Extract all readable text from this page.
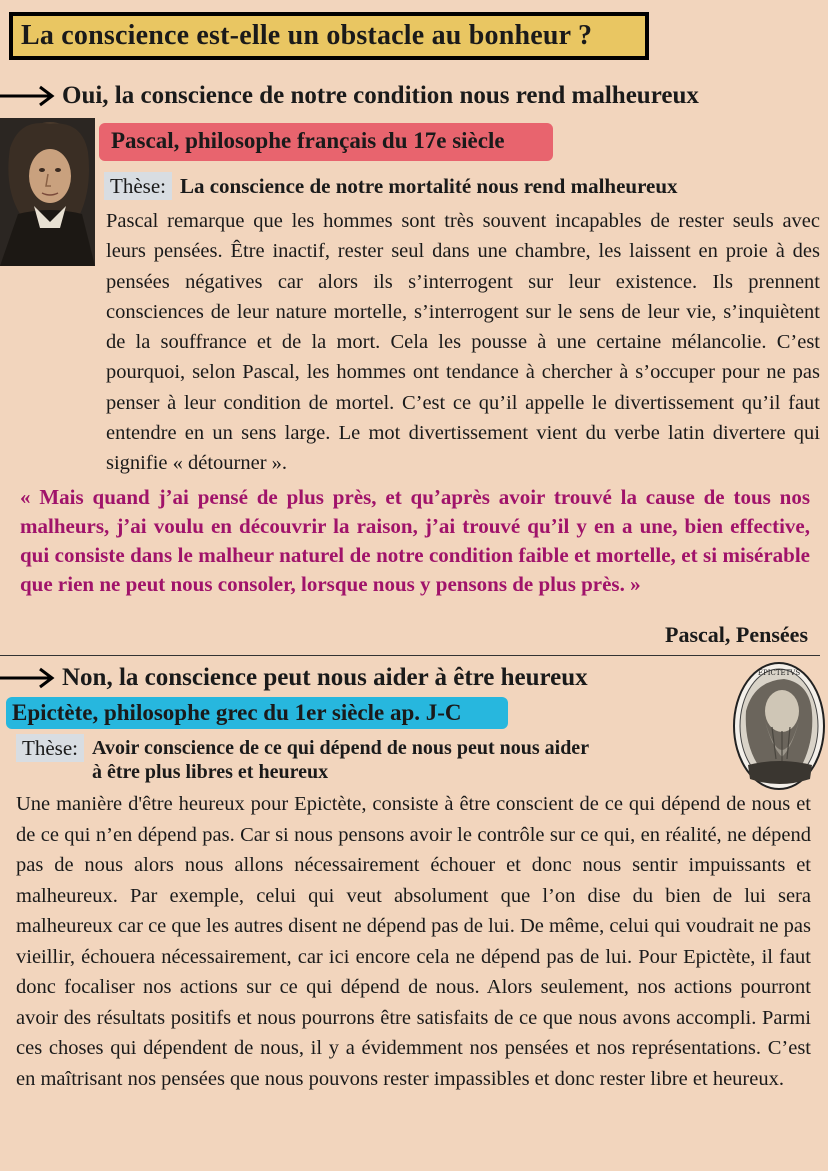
La conscience est-elle un obstacle au bonheur ?
Oui, la conscience de notre condition nous rend malheureux
Pascal, philosophe français du 17e siècle
Thèse: La conscience de notre mortalité nous rend malheureux
Pascal remarque que les hommes sont très souvent incapables de rester seuls avec leurs pensées. Être inactif, rester seul dans une chambre, les laissent en proie à des pensées négatives car alors ils s’interrogent sur leur existence. Ils prennent consciences de leur nature mortelle, s’interrogent sur le sens de leur vie, s’inquiètent de la souffrance et de la mort. Cela les pousse à une certaine mélancolie. C’est pourquoi, selon Pascal, les hommes ont tendance à chercher à s’occuper pour ne pas penser à leur condition de mortel. C’est ce qu’il appelle le divertissement qu’il faut entendre en un sens large. Le mot divertissement vient du verbe latin divertere qui signifie « détourner ».
« Mais quand j’ai pensé de plus près, et qu’après avoir trouvé la cause de tous nos malheurs, j’ai voulu en découvrir la raison, j’ai trouvé qu’il y en a une, bien effective, qui consiste dans le malheur naturel de notre condition faible et mortelle, et si misérable que rien ne peut nous consoler, lorsque nous y pensons de plus près. »
Pascal, Pensées
Non, la conscience peut nous aider à être heureux
Epictète, philosophe grec du 1er siècle ap. J-C
EPICTETVS
Thèse: Avoir conscience de ce qui dépend de nous peut nous aider
à être plus libres et heureux
Une manière d'être heureux pour Epictète, consiste à être conscient de ce qui dépend de nous et de ce qui n’en dépend pas. Car si nous pensons avoir le contrôle sur ce qui, en réalité, ne dépend pas de nous alors nous allons nécessairement échouer et donc nous sentir impuissants et malheureux. Par exemple, celui qui veut absolument que l’on dise du bien de lui sera malheureux car ce que les autres disent ne dépend pas de lui. De même, celui qui voudrait ne pas vieillir, échouera nécessairement, car ici encore cela ne dépend pas de lui. Pour Epictète, il faut donc focaliser nos actions sur ce qui dépend de nous. Alors seulement, nos actions pourront avoir des résultats positifs et nous pourrons être satisfaits de ce que nous avons accompli. Parmi ces choses qui dépendent de nous, il y a évidemment nos pensées et nos représentations. C’est en maîtrisant nos pensées que nous pouvons rester impassibles et donc rester libre et heureux.
